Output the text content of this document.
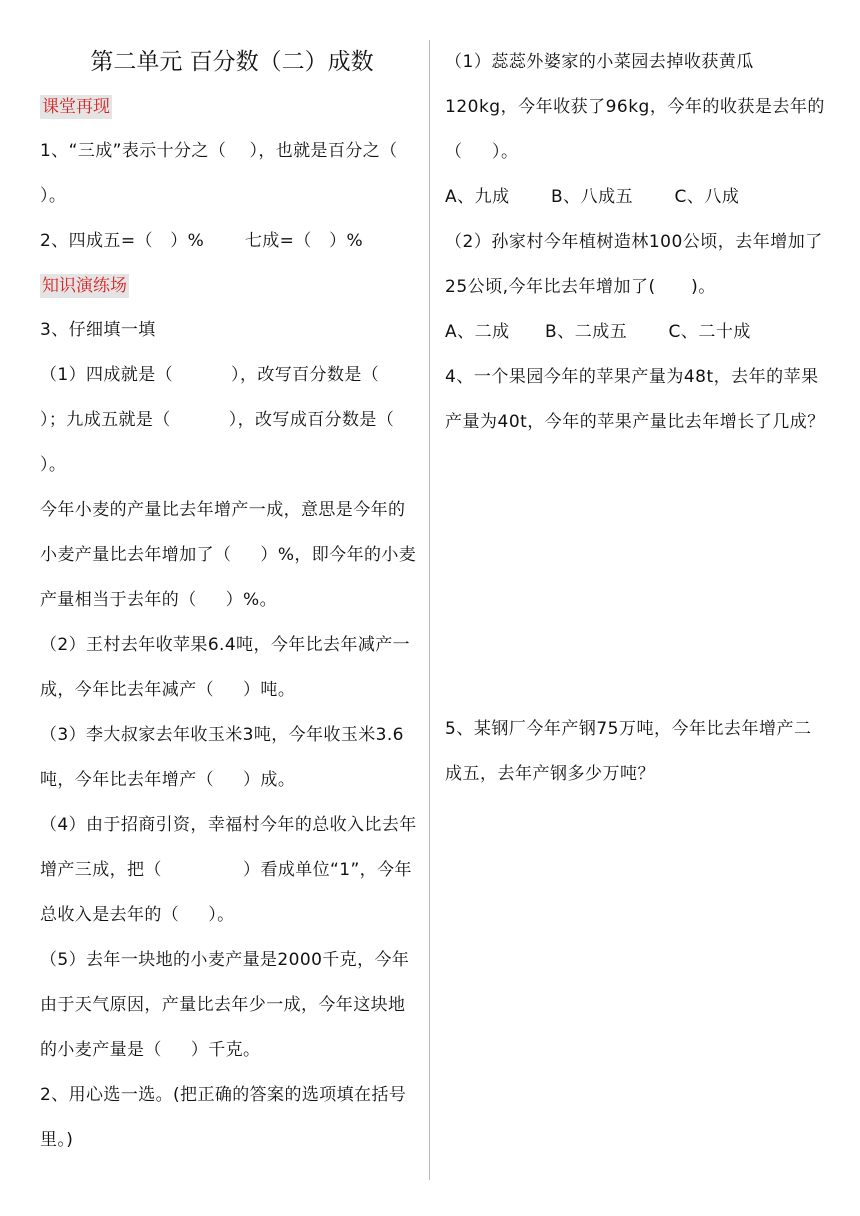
第二单元 百分数（二）成数
课堂再现
1、“三成”表示十分之（    ），也就是百分之（      ）。
2、四成五=（   ）%       七成=（   ）%
知识演练场
3、仔细填一填
（1）四成就是（          ），改写百分数是（     ）；九成五就是（          ），改写成百分数是（         ）。
今年小麦的产量比去年增产一成，意思是今年的小麦产量比去年增加了（     ）%，即今年的小麦产量相当于去年的（     ）%。
（2）王村去年收苹果6.4吨，今年比去年减产一成，今年比去年减产（     ）吨。
（3）李大叔家去年收玉米3吨，今年收玉米3.6吨，今年比去年增产（     ）成。
（4）由于招商引资，幸福村今年的总收入比去年增产三成，把（              ）看成单位“1”，今年总收入是去年的（     ）。
（5）去年一块地的小麦产量是2000千克，今年由于天气原因，产量比去年少一成，今年这块地的小麦产量是（     ）千克。
2、用心选一选。(把正确的答案的选项填在括号里。)
（1）蕊蕊外婆家的小菜园去掉收获黄瓜120kg，今年收获了96kg，今年的收获是去年的（     ）。
A、九成       B、八成五       C、八成
（2）孙家村今年植树造林100公顷，去年增加了25公顷,今年比去年增加了(      )。
A、二成      B、二成五       C、二十成
4、一个果园今年的苹果产量为48t，去年的苹果产量为40t，今年的苹果产量比去年增长了几成？
5、某钢厂今年产钢75万吨，今年比去年增产二成五，去年产钢多少万吨？
